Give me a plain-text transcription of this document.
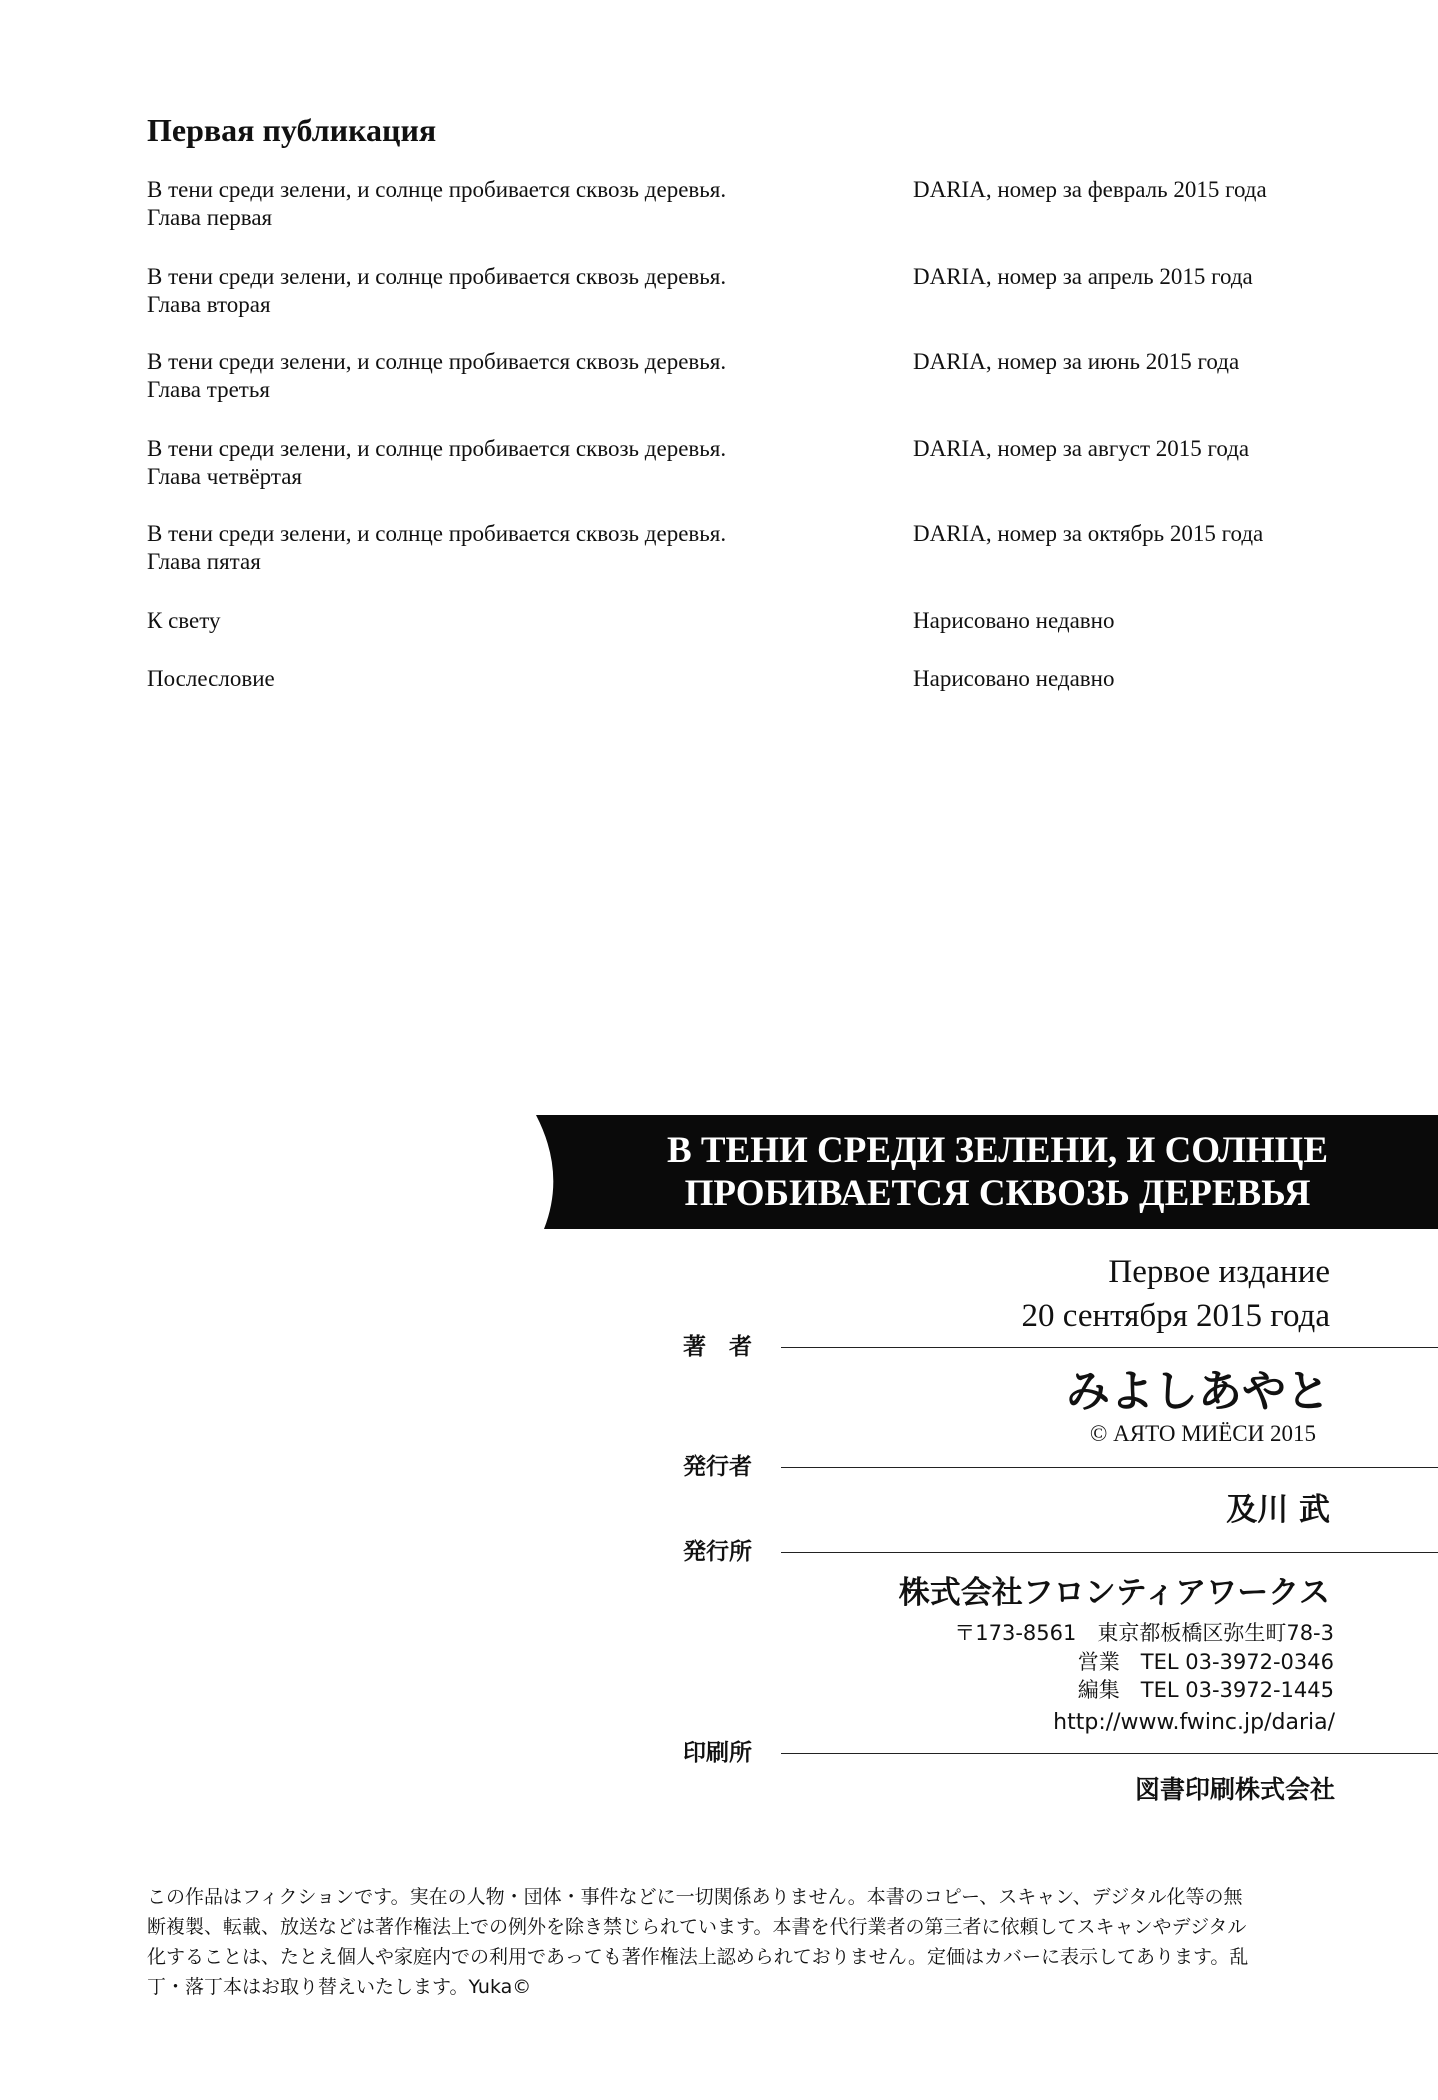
Первая публикация
В тени среди зелени, и солнце пробивается сквозь деревья.
Глава первая
DARIA, номер за февраль 2015 года
В тени среди зелени, и солнце пробивается сквозь деревья.
Глава вторая
DARIA, номер за апрель 2015 года
В тени среди зелени, и солнце пробивается сквозь деревья.
Глава третья
DARIA, номер за июнь 2015 года
В тени среди зелени, и солнце пробивается сквозь деревья.
Глава четвёртая
DARIA, номер за август 2015 года
В тени среди зелени, и солнце пробивается сквозь деревья.
Глава пятая
DARIA, номер за октябрь 2015 года
К свету	Нарисовано недавно
Послесловие	Нарисовано недавно
В ТЕНИ СРЕДИ ЗЕЛЕНИ, И СОЛНЦЕ
ПРОБИВАЕТСЯ СКВОЗЬ ДЕРЕВЬЯ
Первое издание
20 сентября 2015 года
著　者
みよしあやと
© АЯТО МИЁСИ 2015
発行者
及川 武
発行所
株式会社フロンティアワークス
〒173-8561　東京都板橋区弥生町78-3
営業　TEL 03-3972-0346
編集　TEL 03-3972-1445
http://www.fwinc.jp/daria/
印刷所
図書印刷株式会社
この作品はフィクションです。実在の人物・団体・事件などに一切関係ありません。本書のコピー、スキャン、デジタル化等の無
断複製、転載、放送などは著作権法上での例外を除き禁じられています。本書を代行業者の第三者に依頼してスキャンやデジタル
化することは、たとえ個人や家庭内での利用であっても著作権法上認められておりません。定価はカバーに表示してあります。乱
丁・落丁本はお取り替えいたします。Yuka©
